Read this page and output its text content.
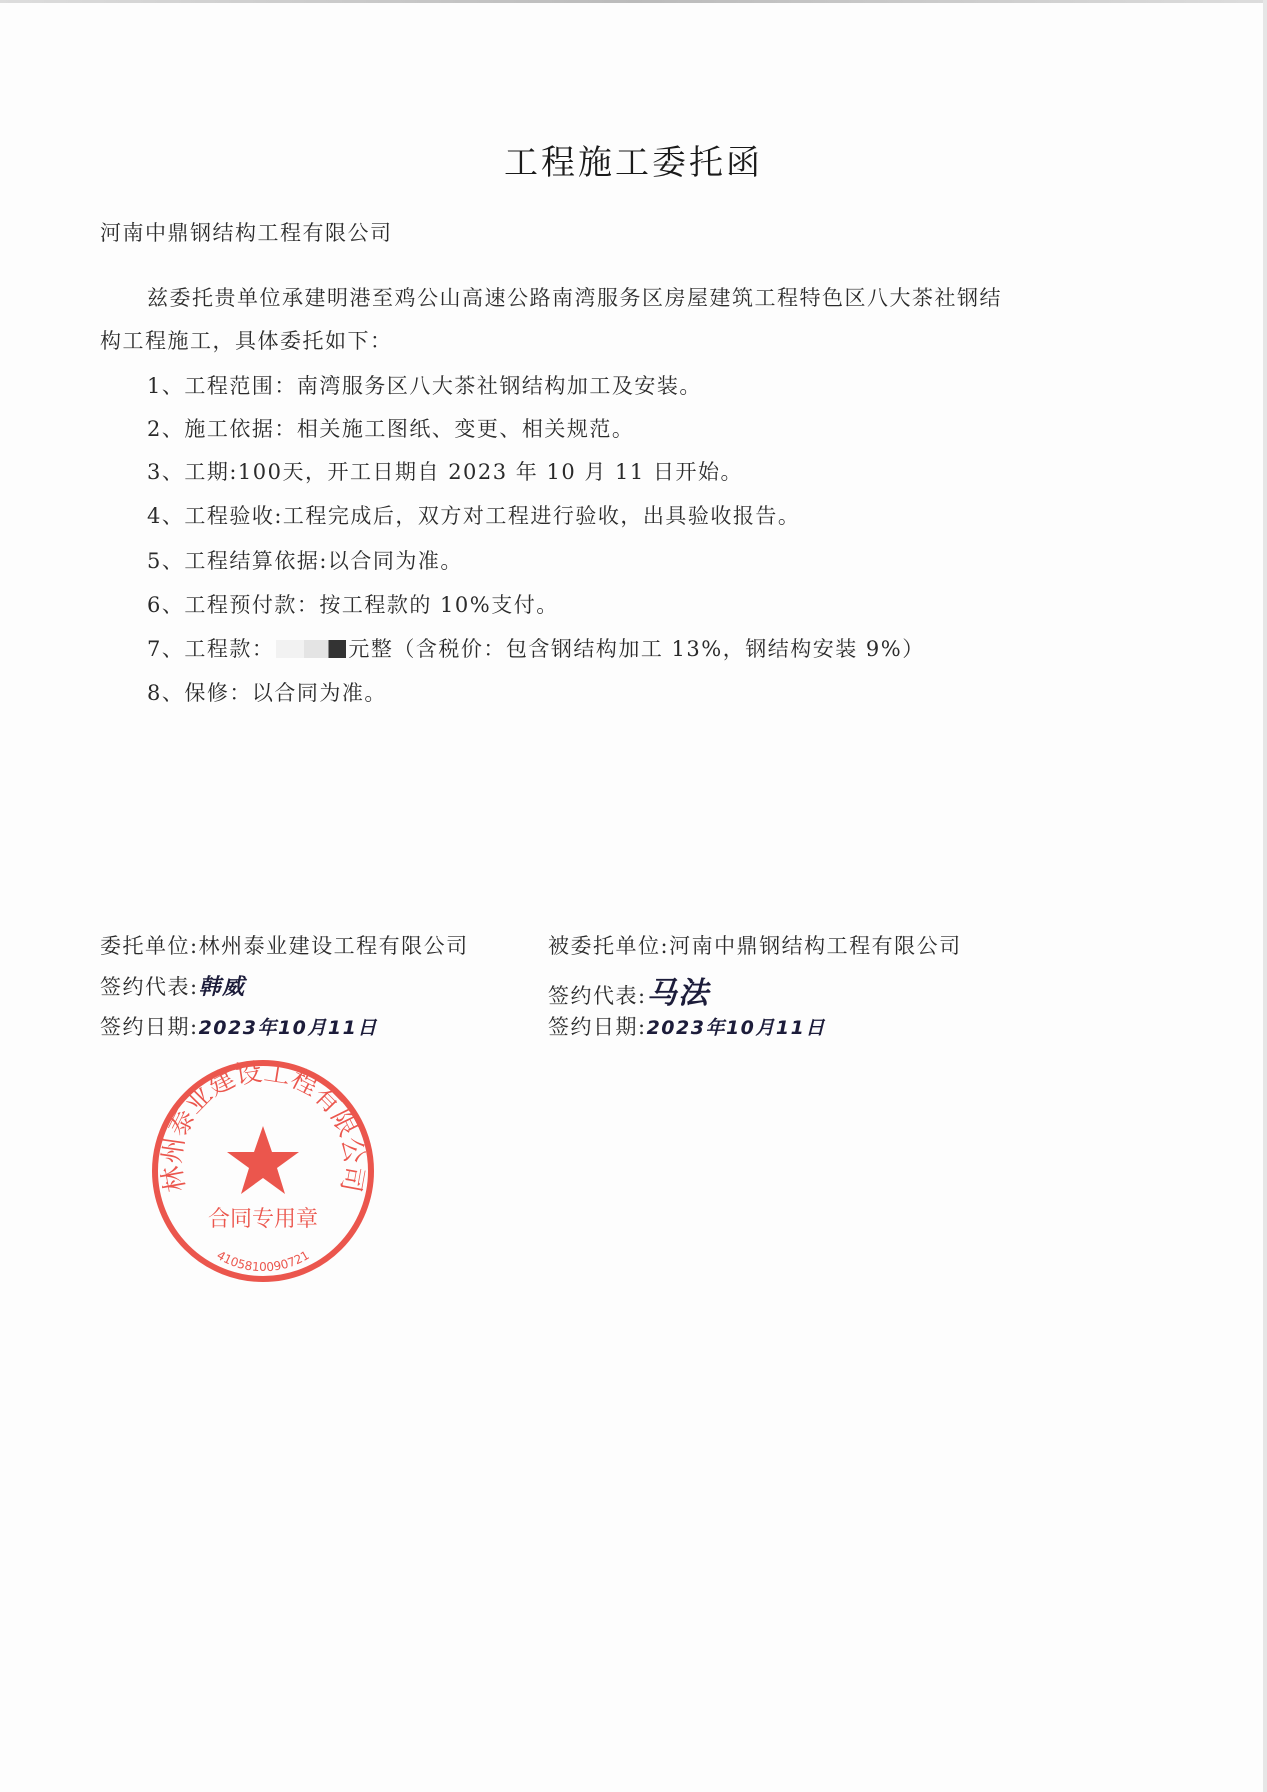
工程施工委托函
河南中鼎钢结构工程有限公司
兹委托贵单位承建明港至鸡公山高速公路南湾服务区房屋建筑工程特色区八大茶社钢结
构工程施工，具体委托如下：
1、工程范围：南湾服务区八大茶社钢结构加工及安装。
2、施工依据：相关施工图纸、变更、相关规范。
3、工期:100天，开工日期自 2023 年 10 月 11 日开始。
4、工程验收:工程完成后，双方对工程进行验收，出具验收报告。
5、工程结算依据:以合同为准。
6、工程预付款：按工程款的 10%支付。
7、工程款：	元整（含税价：包含钢结构加工 13%，钢结构安装 9%）
8、保修：以合同为准。
委托单位:林州泰业建设工程有限公司
签约代表:韩威
签约日期:2023年10月11日
被委托单位:河南中鼎钢结构工程有限公司
签约代表:马法
签约日期:2023年10月11日
林州泰业建设工程有限公司
合同专用章
4105810090721
